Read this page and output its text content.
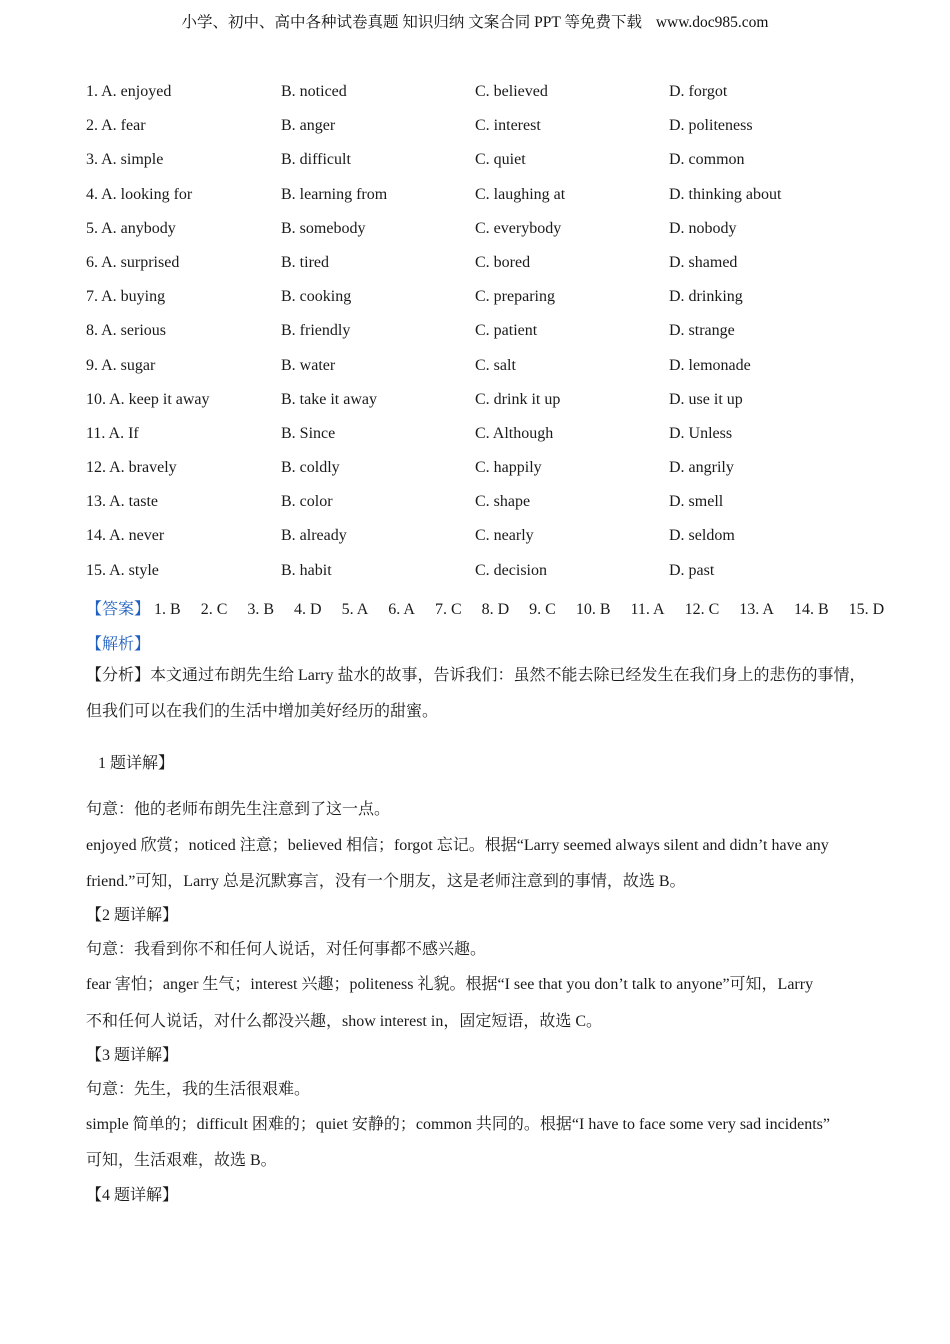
小学、初中、高中各种试卷真题 知识归纳 文案合同 PPT 等免费下载 www.doc985.com
1. A. enjoyed	B. noticed	C. believed	D. forgot
2. A. fear	B. anger	C. interest	D. politeness
3. A. simple	B. difficult	C. quiet	D. common
4. A. looking for	B. learning from	C. laughing at	D. thinking about
5. A. anybody	B. somebody	C. everybody	D. nobody
6. A. surprised	B. tired	C. bored	D. shamed
7. A. buying	B. cooking	C. preparing	D. drinking
8. A. serious	B. friendly	C. patient	D. strange
9. A. sugar	B. water	C. salt	D. lemonade
10. A. keep it away	B. take it away	C. drink it up	D. use it up
11. A. If	B. Since	C. Although	D. Unless
12. A. bravely	B. coldly	C. happily	D. angrily
13. A. taste	B. color	C. shape	D. smell
14. A. never	B. already	C. nearly	D. seldom
15. A. style	B. habit	C. decision	D. past
【答案】 1. B 2. C 3. B 4. D 5. A 6. A 7. C 8. D 9. C 10. B 11. A 12. C 13. A 14. B 15. D
【解析】
【分析】本文通过布朗先生给 Larry 盐水的故事，告诉我们：虽然不能去除已经发生在我们身上的悲伤的事情，但我们可以在我们的生活中增加美好经历的甜蜜。
1 题详解】
句意：他的老师布朗先生注意到了这一点。
enjoyed 欣赏；noticed 注意；believed 相信；forgot 忘记。根据“Larry seemed always silent and didn’t have any
friend.”可知，Larry 总是沉默寡言，没有一个朋友，这是老师注意到的事情，故选 B。
【2 题详解】
句意：我看到你不和任何人说话，对任何事都不感兴趣。
fear 害怕；anger 生气；interest 兴趣；politeness 礼貌。根据“I see that you don’t talk to anyone”可知，Larry
不和任何人说话，对什么都没兴趣，show interest in，固定短语，故选 C。
【3 题详解】
句意：先生，我的生活很艰难。
simple 简单的；difficult 困难的；quiet 安静的；common 共同的。根据“I have to face some very sad incidents”
可知，生活艰难，故选 B。
【4 题详解】
